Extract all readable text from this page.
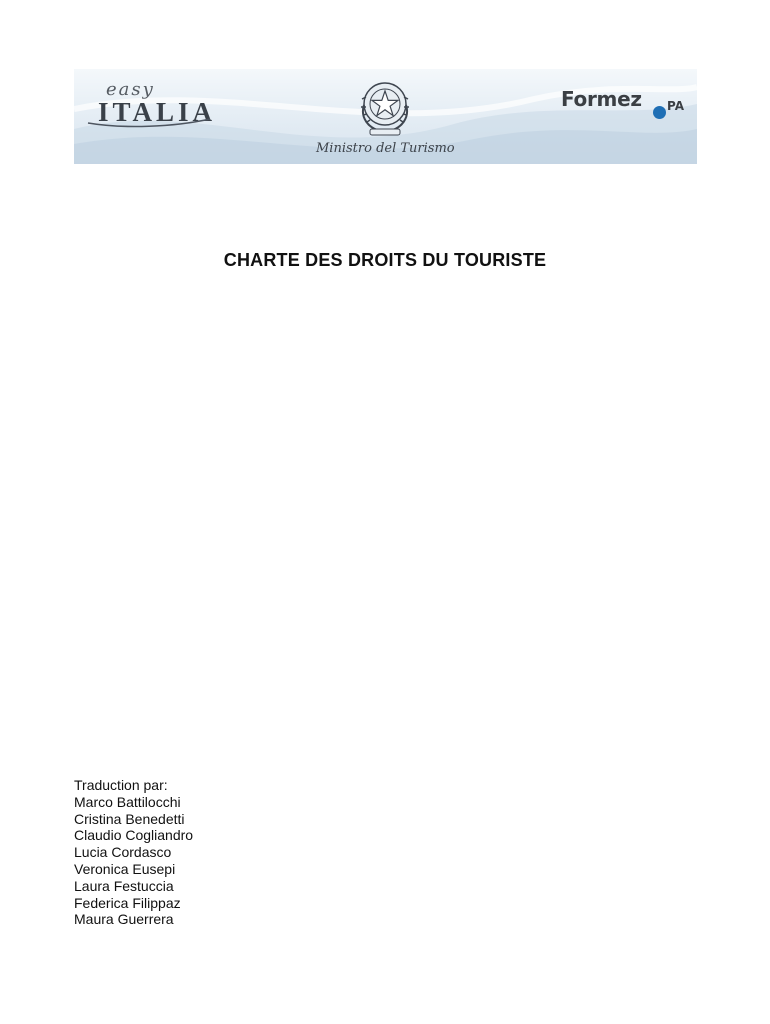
easy
ITALIA
Ministro del Turismo
Formez PA
CHARTE DES DROITS DU TOURISTE
Traduction par:
Marco Battilocchi
Cristina Benedetti
Claudio Cogliandro
Lucia Cordasco
Veronica Eusepi
Laura Festuccia
Federica Filippaz
Maura Guerrera
